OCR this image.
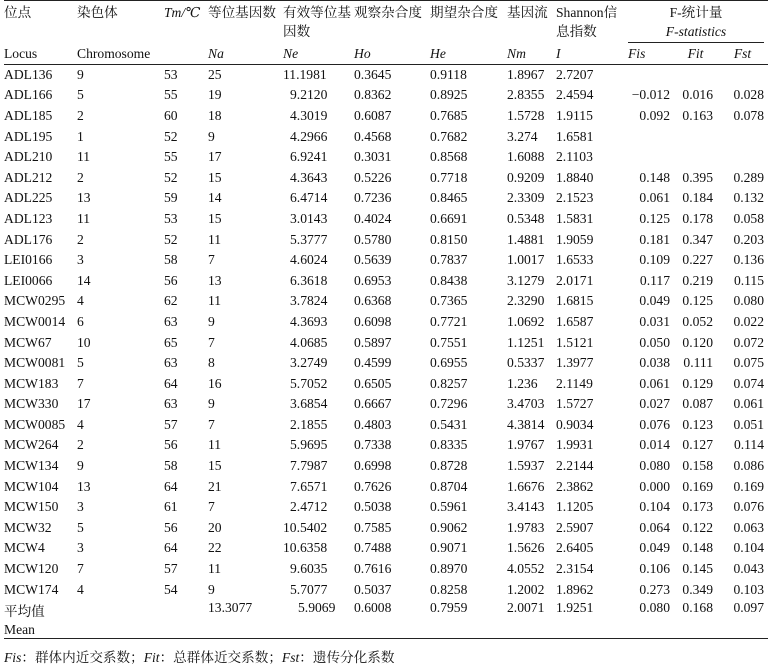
位点	染色体	Tm/℃	等位基因数	有效等位基因数	观察杂合度	期望杂合度	基因流	Shannon信息指数	F-统计量
F-statistics		

Locus	Chromosome		Na	Ne	Ho	He	Nm	I	Fis	Fit	Fst
ADL136	9	53	25	11.1981	0.3645	0.9118	1.8967	2.7207			
ADL166	5	55	19	9.2120	0.8362	0.8925	2.8355	2.4594	−0.012	0.016	0.028
ADL185	2	60	18	4.3019	0.6087	0.7685	1.5728	1.9115	0.092	0.163	0.078
ADL195	1	52	9	4.2966	0.4568	0.7682	3.274	1.6581			
ADL210	11	55	17	6.9241	0.3031	0.8568	1.6088	2.1103			
ADL212	2	52	15	4.3643	0.5226	0.7718	0.9209	1.8840	0.148	0.395	0.289
ADL225	13	59	14	6.4714	0.7236	0.8465	2.3309	2.1523	0.061	0.184	0.132
ADL123	11	53	15	3.0143	0.4024	0.6691	0.5348	1.5831	0.125	0.178	0.058
ADL176	2	52	11	5.3777	0.5780	0.8150	1.4881	1.9059	0.181	0.347	0.203
LEI0166	3	58	7	4.6024	0.5639	0.7837	1.0017	1.6533	0.109	0.227	0.136
LEI0066	14	56	13	6.3618	0.6953	0.8438	3.1279	2.0171	0.117	0.219	0.115
MCW0295	4	62	11	3.7824	0.6368	0.7365	2.3290	1.6815	0.049	0.125	0.080
MCW0014	6	63	9	4.3693	0.6098	0.7721	1.0692	1.6587	0.031	0.052	0.022
MCW67	10	65	7	4.0685	0.5897	0.7551	1.1251	1.5121	0.050	0.120	0.072
MCW0081	5	63	8	3.2749	0.4599	0.6955	0.5337	1.3977	0.038	0.111	0.075
MCW183	7	64	16	5.7052	0.6505	0.8257	1.236	2.1149	0.061	0.129	0.074
MCW330	17	63	9	3.6854	0.6667	0.7296	3.4703	1.5727	0.027	0.087	0.061
MCW0085	4	57	7	2.1855	0.4803	0.5431	4.3814	0.9034	0.076	0.123	0.051
MCW264	2	56	11	5.9695	0.7338	0.8335	1.9767	1.9931	0.014	0.127	0.114
MCW134	9	58	15	7.7987	0.6998	0.8728	1.5937	2.2144	0.080	0.158	0.086
MCW104	13	64	21	7.6571	0.7626	0.8704	1.6676	2.3862	0.000	0.169	0.169
MCW150	3	61	7	2.4712	0.5038	0.5961	3.4143	1.1205	0.104	0.173	0.076
MCW32	5	56	20	10.5402	0.7585	0.9062	1.9783	2.5907	0.064	0.122	0.063
MCW4	3	64	22	10.6358	0.7488	0.9071	1.5626	2.6405	0.049	0.148	0.104
MCW120	7	57	11	9.6035	0.7616	0.8970	4.0552	2.3154	0.106	0.145	0.043
MCW174	4	54	9	5.7077	0.5037	0.8258	1.2002	1.8962	0.273	0.349	0.103
平均值			13.3077	5.9069	0.6008	0.7959	2.0071	1.9251	0.080	0.168	0.097
Mean											
Fis：群体内近交系数；Fit：总群体近交系数；Fst：遗传分化系数
